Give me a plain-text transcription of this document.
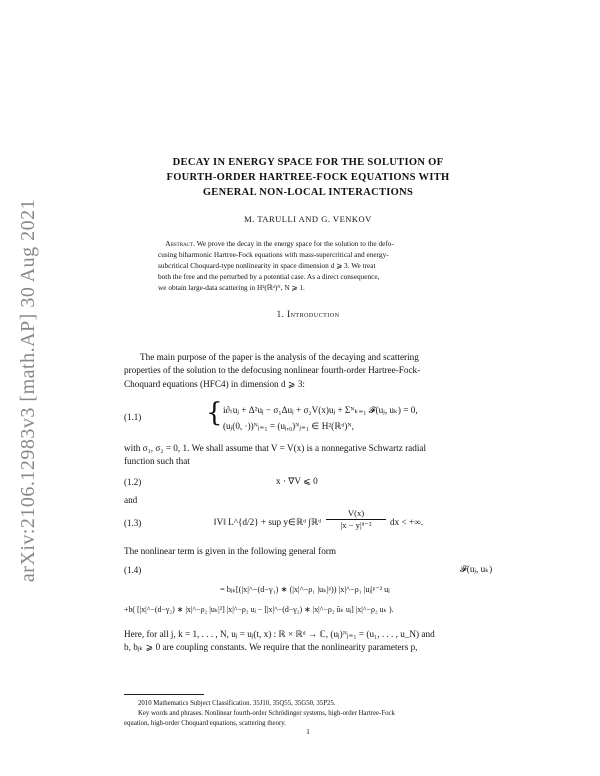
arXiv:2106.12983v3 [math.AP] 30 Aug 2021
DECAY IN ENERGY SPACE FOR THE SOLUTION OF
FOURTH-ORDER HARTREE-FOCK EQUATIONS WITH
GENERAL NON-LOCAL INTERACTIONS
M. TARULLI AND G. VENKOV
Abstract. We prove the decay in the energy space for the solution to the defo-
cusing biharmonic Hartree-Fock equations with mass-supercritical and energy-
subcritical Choquard-type nonlinearity in space dimension d ⩾ 3. We treat
both the free and the perturbed by a potential case. As a direct consequence,
we obtain large-data scattering in H²(ℝᵈ)ᴺ, N ⩾ 1.
1. Introduction
The main purpose of the paper is the analysis of the decaying and scattering
properties of the solution to the defocusing nonlinear fourth-order Hartree-Fock-
Choquard equations (HFC4) in dimension d ⩾ 3:
(1.1) { i∂ₜuⱼ + Δ²uⱼ − σ₁Δuⱼ + σ₂V(x)uⱼ + Σᴺₖ₌₁ 𝓕(uⱼ, uₖ) = 0,
(uⱼ(0, ·))ᴺⱼ₌₁ = (uⱼ,₀)ᴺⱼ₌₁ ∈ H²(ℝᵈ)ᴺ,
with σ₁, σ₂ = 0, 1. We shall assume that V = V(x) is a nonnegative Schwartz radial
function such that
(1.2)	x · ∇V ⩽ 0
and
(1.3)	‖V‖ L^{d/2} + sup y∈ℝᵈ ∫ℝᵈ $\frac{V(x)}{\text{|x − y|ᵈ⁻²}}$ dx < +∞.
The nonlinear term is given in the following general form
(1.4)	𝓕(uⱼ, uₖ)
= bⱼₖ[(|x|^−(d−γ₁) ∗ (|x|^−ρ₁ |uₖ|ᵖ)) |x|^−ρ₁ |uⱼ|ᵖ⁻² uⱼ
+b( [|x|^−(d−γ₂) ∗ |x|^−ρ₂ |uₖ|²] |x|^−ρ₂ uⱼ − [|x|^−(d−γ₂) ∗ |x|^−ρ₂ ūₖ uⱼ] |x|^−ρ₂ uₖ ).
Here, for all j, k = 1, . . . , N, uⱼ = uⱼ(t, x) : ℝ × ℝᵈ → ℂ, (uⱼ)ᴺⱼ₌₁ = (u₁, . . . , u_N) and
b, bⱼₖ ⩾ 0 are coupling constants. We require that the nonlinearity parameters p,
2010 Mathematics Subject Classification. 35J10, 35Q55, 35G50, 35P25.
Key words and phrases. Nonlinear fourth-order Schrödinger systems, high-order Hartree-Fock
equation, high-order Choquard equations, scattering theory.
1
